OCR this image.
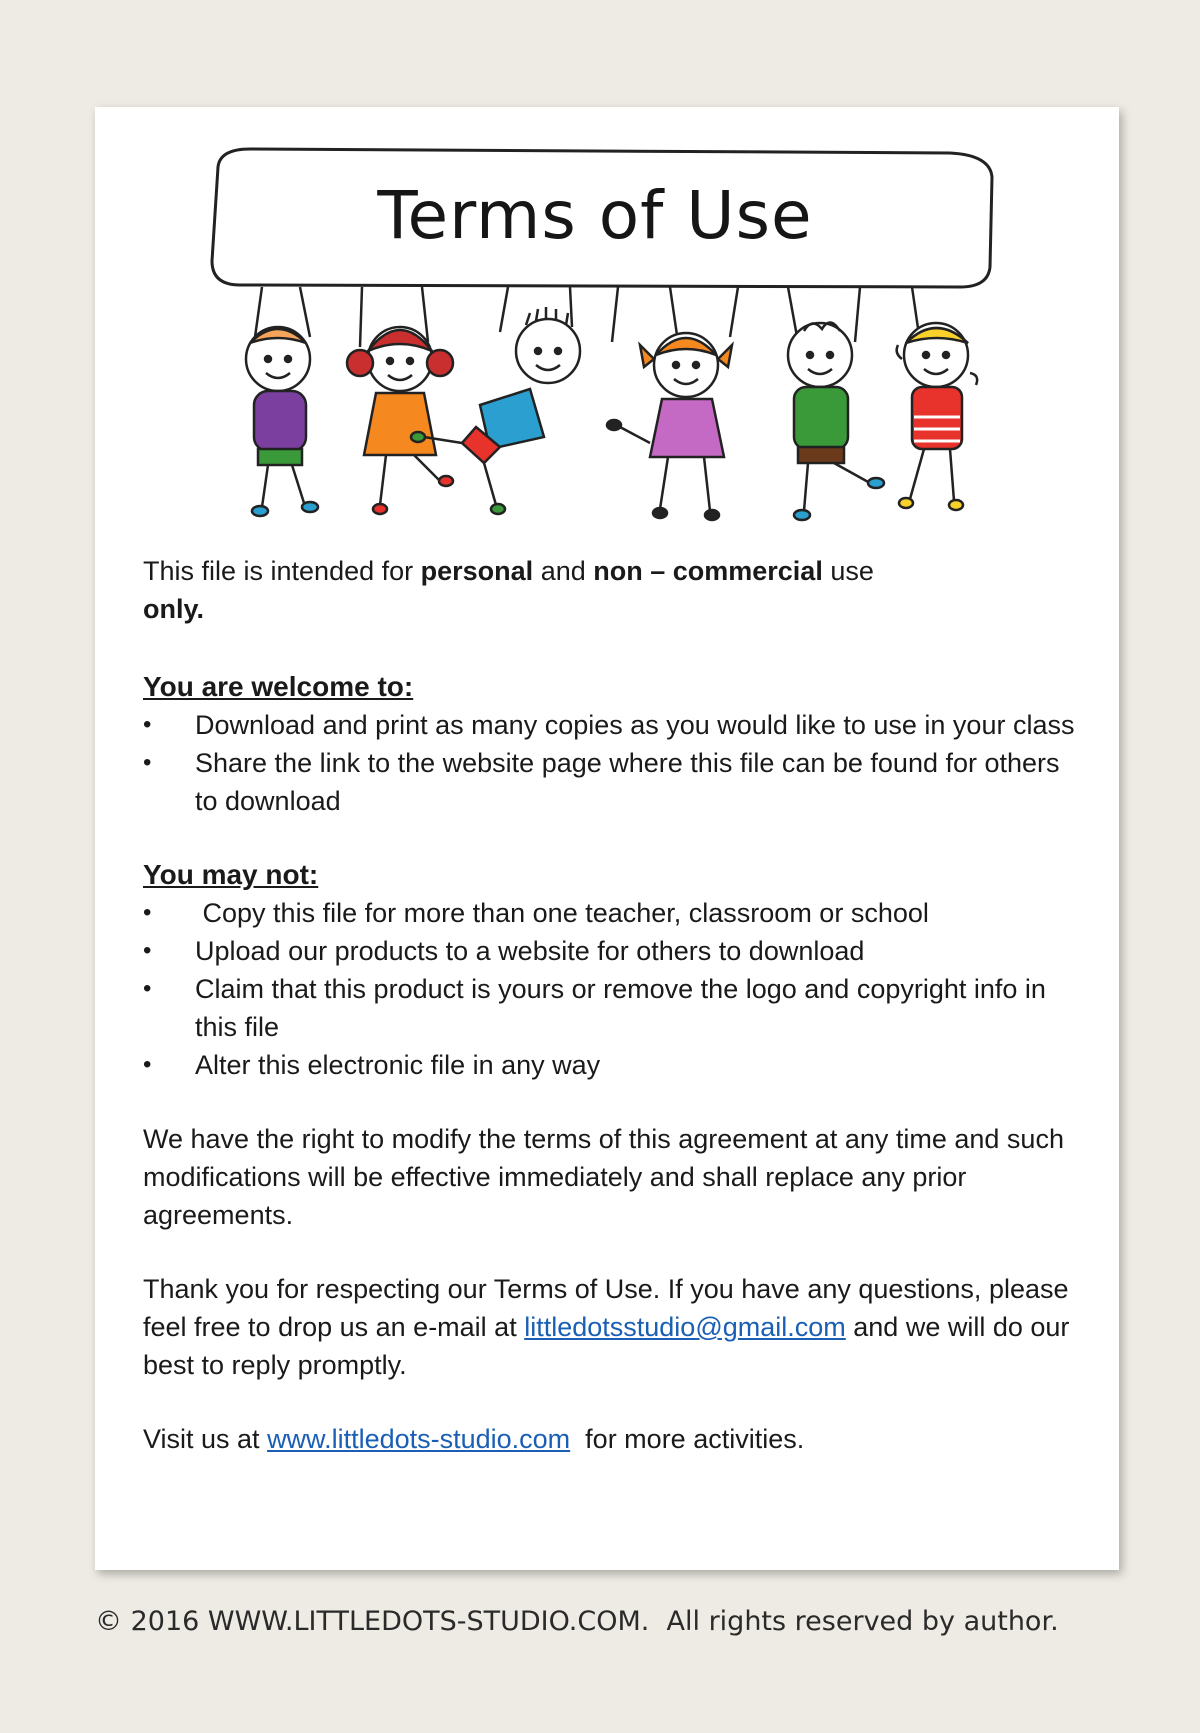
Terms of Use

This file is intended for personal and non – commercial use
only.

You are welcome to:

• Download and print as many copies as you would like to use in your class
• Share the link to the website page where this file can be found for others to download

You may not:

•  Copy this file for more than one teacher, classroom or school
• Upload our products to a website for others to download
• Claim that this product is yours or remove the logo and copyright info in this file
• Alter this electronic file in any way

We have the right to modify the terms of this agreement at any time and such modifications will be effective immediately and shall replace any prior agreements.

Thank you for respecting our Terms of Use. If you have any questions, please feel free to drop us an e-mail at littledotsstudio@gmail.com and we will do our best to reply promptly.

Visit us at www.littledots-studio.com  for more activities.

© 2016 WWW.LITTLEDOTS-STUDIO.COM.  All rights reserved by author.
